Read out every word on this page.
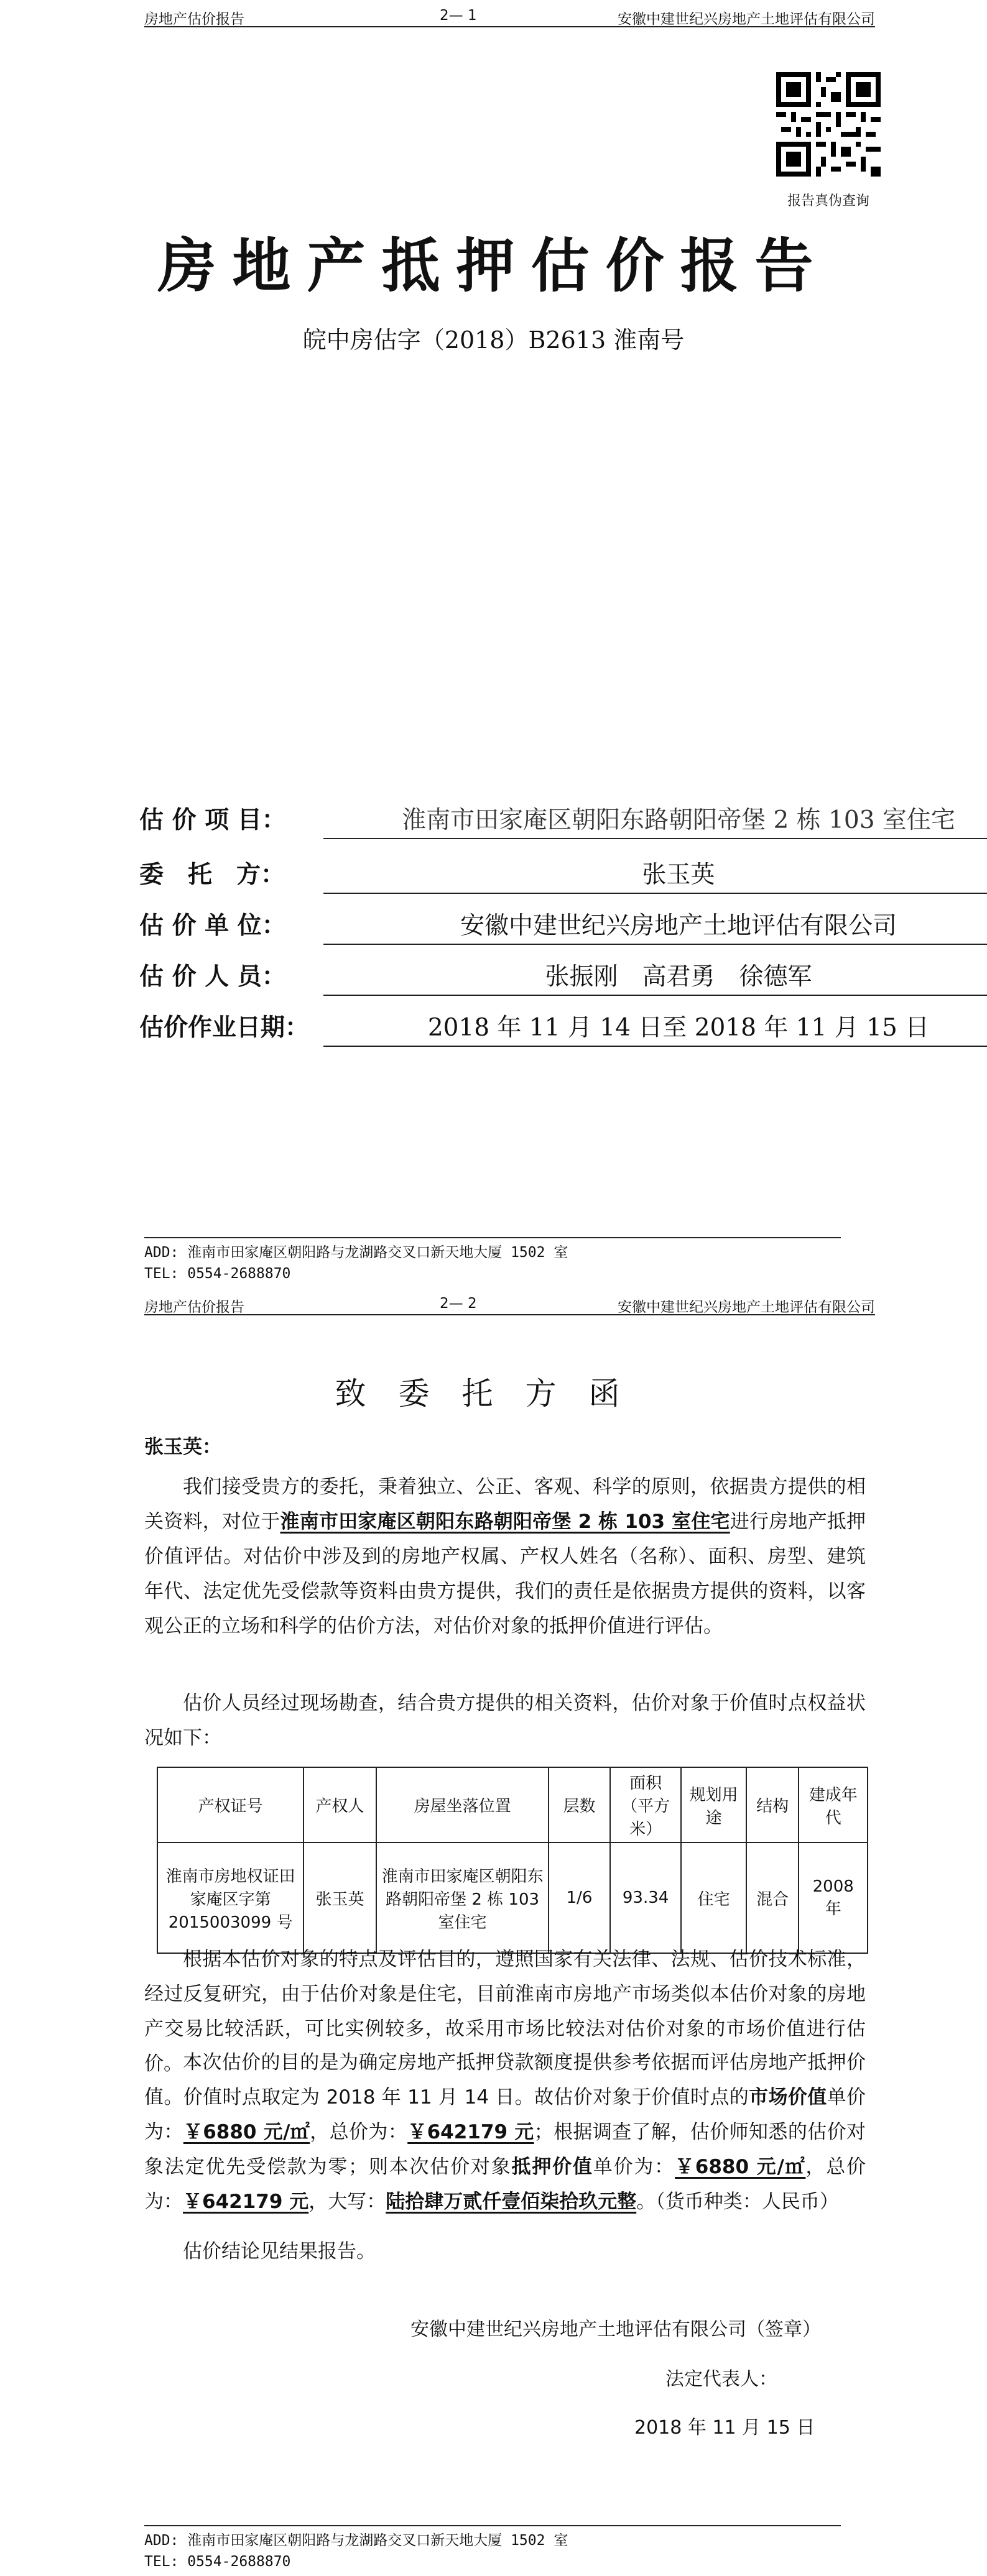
房地产估价报告	2— 1	安徽中建世纪兴房地产土地评估有限公司
报告真伪查询
房地产抵押估价报告
皖中房估字（2018）B2613 淮南号
估 价 项 目：	淮南市田家庵区朝阳东路朝阳帝堡 2 栋 103 室住宅
委　托　方：	张玉英
估 价 单 位：	安徽中建世纪兴房地产土地评估有限公司
估 价 人 员：	张振刚　高君勇　徐德军
估价作业日期：	2018 年 11 月 14 日至 2018 年 11 月 15 日
ADD: 淮南市田家庵区朝阳路与龙湖路交叉口新天地大厦 1502 室
TEL: 0554-2688870
房地产估价报告	2— 2	安徽中建世纪兴房地产土地评估有限公司
致委托方函
张玉英：
我们接受贵方的委托，秉着独立、公正、客观、科学的原则，依据贵方提供的相关资料，对位于淮南市田家庵区朝阳东路朝阳帝堡 2 栋 103 室住宅进行房地产抵押价值评估。对估价中涉及到的房地产权属、产权人姓名（名称）、面积、房型、建筑年代、法定优先受偿款等资料由贵方提供，我们的责任是依据贵方提供的资料，以客观公正的立场和科学的估价方法，对估价对象的抵押价值进行评估。
估价人员经过现场勘查，结合贵方提供的相关资料，估价对象于价值时点权益状况如下：
产权证号	产权人	房屋坐落位置	层数	面积（平方米）	规划用途	结构	建成年代
淮南市房地权证田家庵区字第 2015003099 号	张玉英	淮南市田家庵区朝阳东路朝阳帝堡 2 栋 103 室住宅	1/6	93.34	住宅	混合	2008 年
根据本估价对象的特点及评估目的，遵照国家有关法律、法规、估价技术标准，经过反复研究，由于估价对象是住宅，目前淮南市房地产市场类似本估价对象的房地产交易比较活跃，可比实例较多，故采用市场比较法对估价对象的市场价值进行估价。 本次估价的目的是为确定房地产抵押贷款额度提供参考依据而评估房地产抵押价值。价值时点取定为 2018 年 11 月 14 日。故估价对象于价值时点的市场价值单价为：￥6880 元/㎡，总价为：￥642179 元；根据调查了解，估价师知悉的估价对象法定优先受偿款为零；则本次估价对象抵押价值单价为：￥6880 元/㎡，总价为：￥642179 元，大写：陆拾肆万贰仟壹佰柒拾玖元整。（货币种类：人民币）
估价结论见结果报告。
安徽中建世纪兴房地产土地评估有限公司（签章）
法定代表人：
2018 年 11 月 15 日
ADD: 淮南市田家庵区朝阳路与龙湖路交叉口新天地大厦 1502 室
TEL: 0554-2688870
